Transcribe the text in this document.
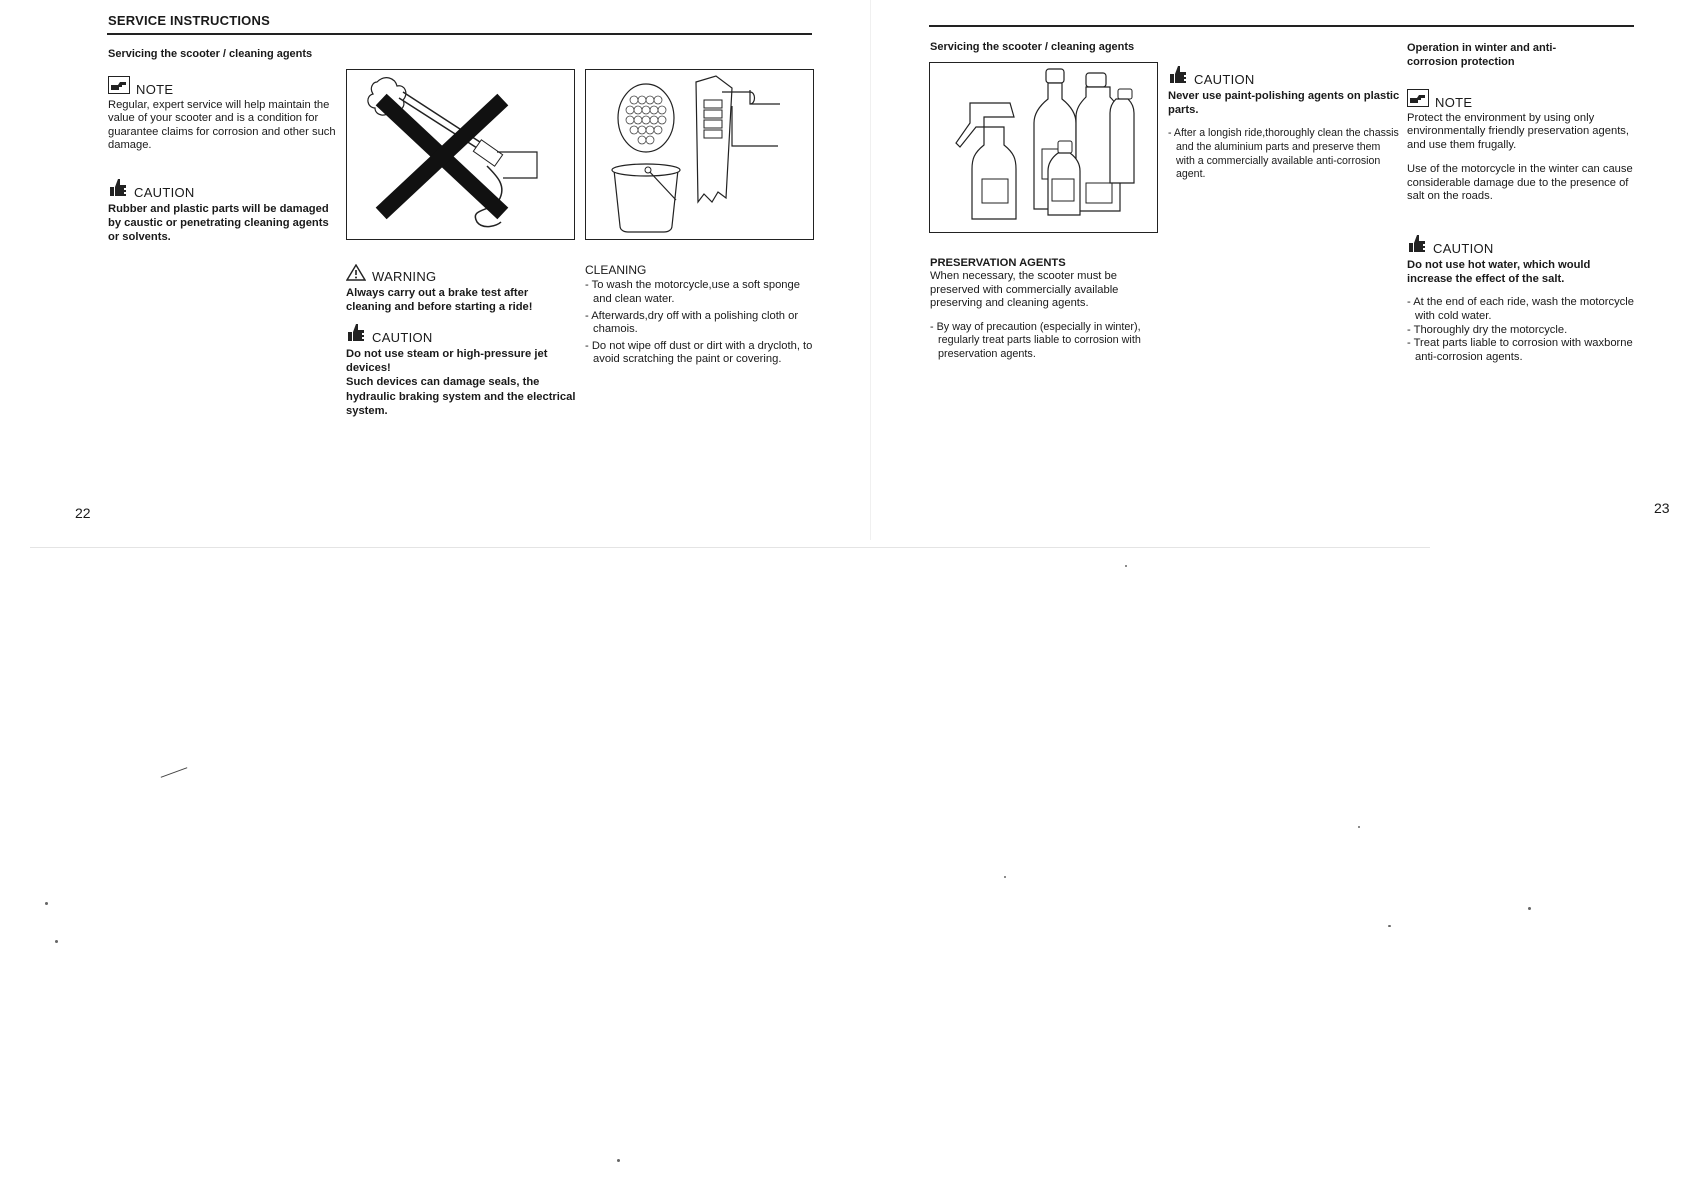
SERVICE INSTRUCTIONS
Servicing the scooter / cleaning agents
NOTE
Regular, expert service will help maintain the value of your scooter and is a condition for guarantee claims for corrosion and other such damage.
CAUTION
Rubber and plastic parts will be damaged by caustic or penetrating cleaning agents or solvents.
WARNING
Always carry out a brake test after cleaning and before starting a ride!
CAUTION
Do not use steam or high-pressure jet devices!
Such devices can damage seals, the hydraulic braking system and the electrical system.
CLEANING
- To wash the motorcycle,use a soft sponge and clean water.
- Afterwards,dry off with a polishing cloth or chamois.
- Do not wipe off dust or dirt with a drycloth, to avoid scratching the paint or covering.
22
Servicing the scooter / cleaning agents
CAUTION
Never use paint-polishing agents on plastic parts.
- After a longish ride,thoroughly clean the chassis and the aluminium parts and preserve them with a commercially available anti-corrosion agent.
PRESERVATION AGENTS
When necessary, the scooter must be preserved with commercially available preserving and cleaning agents.
- By way of precaution (especially in winter), regularly treat parts liable to corrosion with preservation agents.
Operation in winter and anti-corrosion protection
NOTE
Protect the environment by using only environmentally friendly preservation agents, and use them frugally.
Use of the motorcycle in the winter can cause considerable damage due to the presence of salt on the roads.
CAUTION
Do not use hot water, which would increase the effect of the salt.
- At the end of each ride, wash the motorcycle with cold water.
- Thoroughly dry the motorcycle.
- Treat parts liable to corrosion with waxborne anti-corrosion agents.
23
